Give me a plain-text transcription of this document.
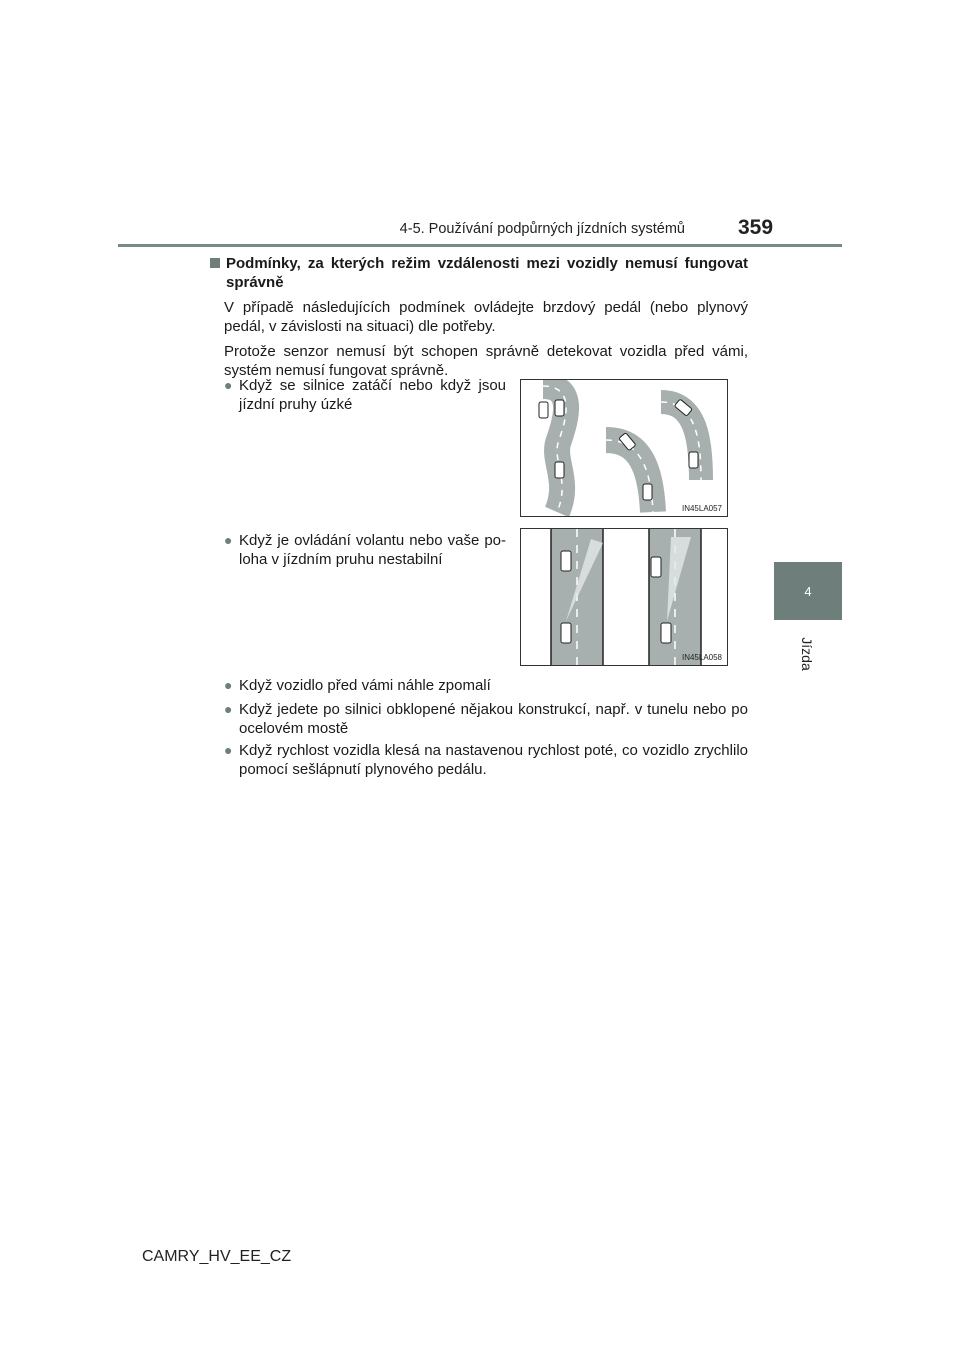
4-5. Používání podpůrných jízdních systémů	359
4
Jízda
Podmínky, za kterých režim vzdálenosti mezi vozidly nemusí fungovat správně

V případě následujících podmínek ovládejte brzdový pedál (nebo plynový pedál, v závislosti na situaci) dle potřeby.

Protože senzor nemusí být schopen správně detekovat vozidla před vámi, systém nemusí fungovat správně.

● Když se silnice zatáčí nebo když jsou jízdní pruhy úzké
IN45LA057
● Když je ovládání volantu nebo vaše po- loha v jízdním pruhu nestabilní
IN45LA058
● Když vozidlo před vámi náhle zpomalí
● Když jedete po silnici obklopené nějakou konstrukcí, např. v tunelu nebo po ocelovém mostě
● Když rychlost vozidla klesá na nastavenou rychlost poté, co vozidlo zrychlilo pomocí sešlápnutí plynového pedálu.
CAMRY_HV_EE_CZ
